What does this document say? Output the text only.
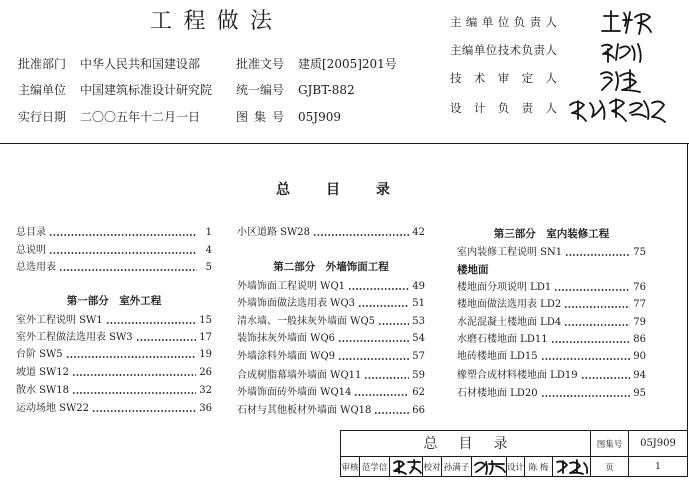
工 程 做 法
批准部门 中华人民共和国建设部	批准文号 建质[2005]201号
主编单位 中国建筑标准设计研究院 统一编号 GJBT-882
实行日期 二〇〇五年十二月一日	图 集 号 05J909
主编单位负责人
主编单位技术负责人
技 术 审 定 人
设 计 负 责 人
总 目 录
总目录	1
总说明	4
总选用表	5
第一部分　室外工程
室外工程说明 SW1	15
室外工程做法选用表 SW3	17
台阶 SW5	19
坡道 SW12	26
散水 SW18	32
运动场地 SW22	36
小区道路 SW28	42
第二部分　外墙饰面工程
外墙饰面工程说明 WQ1	49
外墙饰面做法选用表 WQ3	51
清水墙、一般抹灰外墙面 WQ5	53
装饰抹灰外墙面 WQ6	54
外墙涂料外墙面 WQ9	57
合成树脂幕墙外墙面 WQ11	59
外墙饰面砖外墙面 WQ14	62
石材与其他板材外墙面 WQ18	66
第三部分　室内装修工程
室内装修工程说明 SN1	75
楼地面
楼地面分项说明 LD1	76
楼地面做法选用表 LD2	77
水泥混凝土楼地面 LD4	79
水磨石楼地面 LD11	86
地砖楼地面 LD15	90
橡塑合成材料楼地面 LD19	94
石材楼地面 LD20	95
总 目 录	图集号	05J909
审核 范学信	校对 孙满子	设计 陈 梅	页	1
